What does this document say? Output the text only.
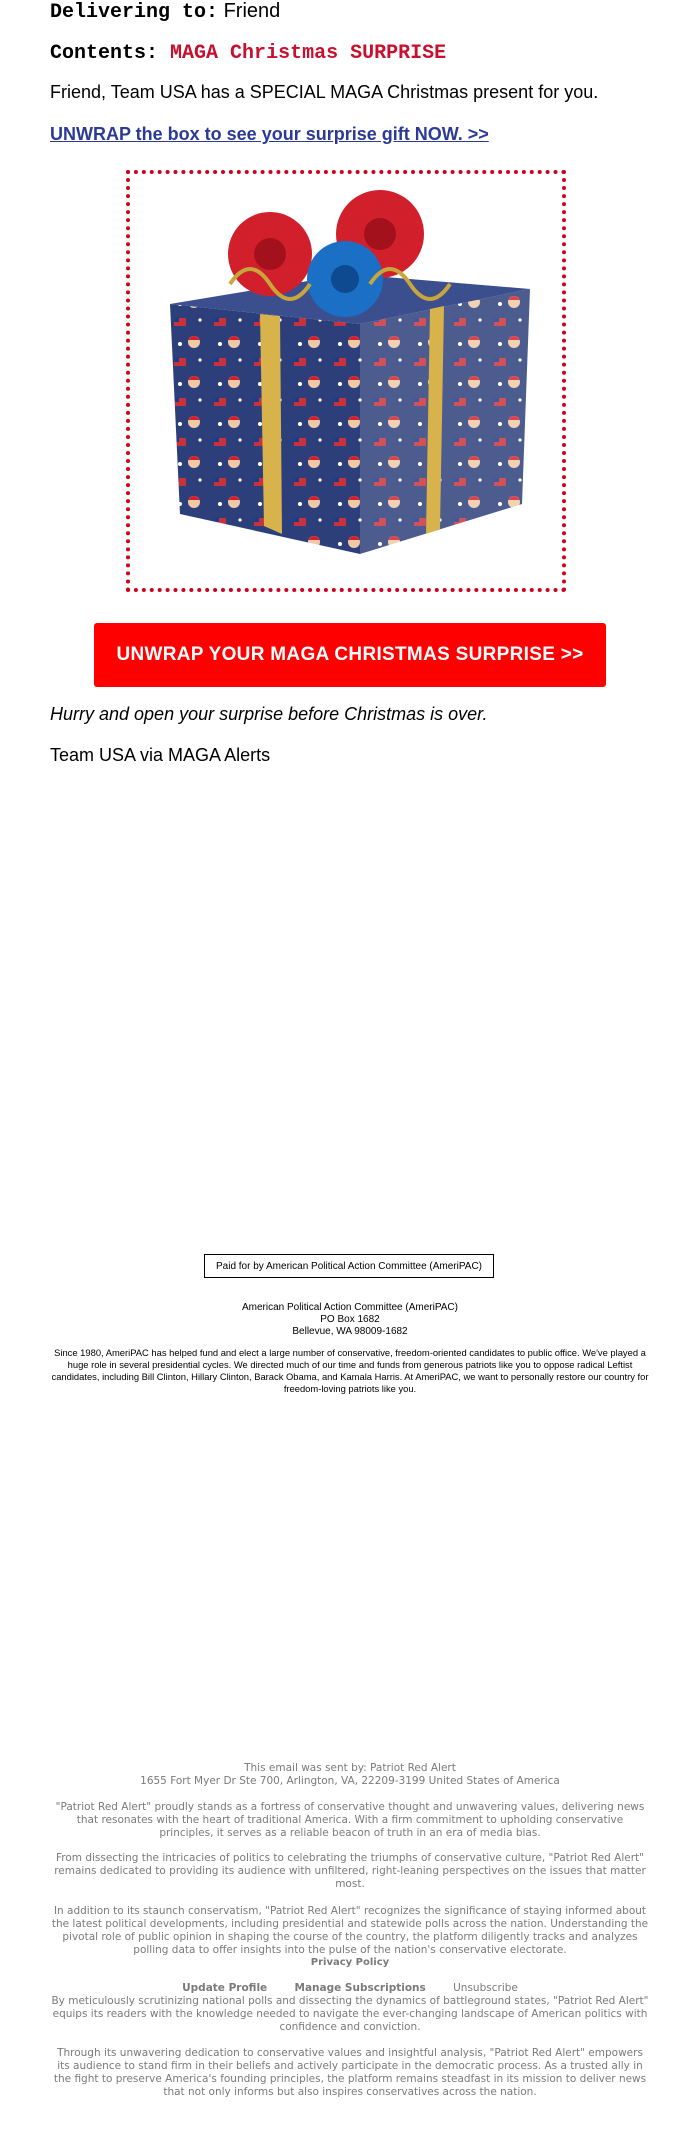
Delivering to: Friend
Contents: MAGA Christmas SURPRISE
Friend, Team USA has a SPECIAL MAGA Christmas present for you.
UNWRAP the box to see your surprise gift NOW. >>
UNWRAP YOUR MAGA CHRISTMAS SURPRISE >>
Hurry and open your surprise before Christmas is over.
Team USA via MAGA Alerts
Paid for by American Political Action Committee (AmeriPAC)
American Political Action Committee (AmeriPAC)
PO Box 1682
Bellevue, WA 98009-1682
Since 1980, AmeriPAC has helped fund and elect a large number of conservative, freedom-oriented candidates to public office. We've played a huge role in several presidential cycles. We directed much of our time and funds from generous patriots like you to oppose radical Leftist candidates, including Bill Clinton, Hillary Clinton, Barack Obama, and Kamala Harris. At AmeriPAC, we want to personally restore our country for freedom-loving patriots like you.
This email was sent by: Patriot Red Alert
1655 Fort Myer Dr Ste 700, Arlington, VA, 22209-3199 United States of America
"Patriot Red Alert" proudly stands as a fortress of conservative thought and unwavering values, delivering news that resonates with the heart of traditional America. With a firm commitment to upholding conservative principles, it serves as a reliable beacon of truth in an era of media bias.
From dissecting the intricacies of politics to celebrating the triumphs of conservative culture, "Patriot Red Alert" remains dedicated to providing its audience with unfiltered, right-leaning perspectives on the issues that matter most.
In addition to its staunch conservatism, "Patriot Red Alert" recognizes the significance of staying informed about the latest political developments, including presidential and statewide polls across the nation. Understanding the pivotal role of public opinion in shaping the course of the country, the platform diligently tracks and analyzes polling data to offer insights into the pulse of the nation's conservative electorate.
Privacy Policy
Update Profile	Manage Subscriptions	Unsubscribe
By meticulously scrutinizing national polls and dissecting the dynamics of battleground states, "Patriot Red Alert" equips its readers with the knowledge needed to navigate the ever-changing landscape of American politics with confidence and conviction.
Through its unwavering dedication to conservative values and insightful analysis, "Patriot Red Alert" empowers its audience to stand firm in their beliefs and actively participate in the democratic process. As a trusted ally in the fight to preserve America's founding principles, the platform remains steadfast in its mission to deliver news that not only informs but also inspires conservatives across the nation.
